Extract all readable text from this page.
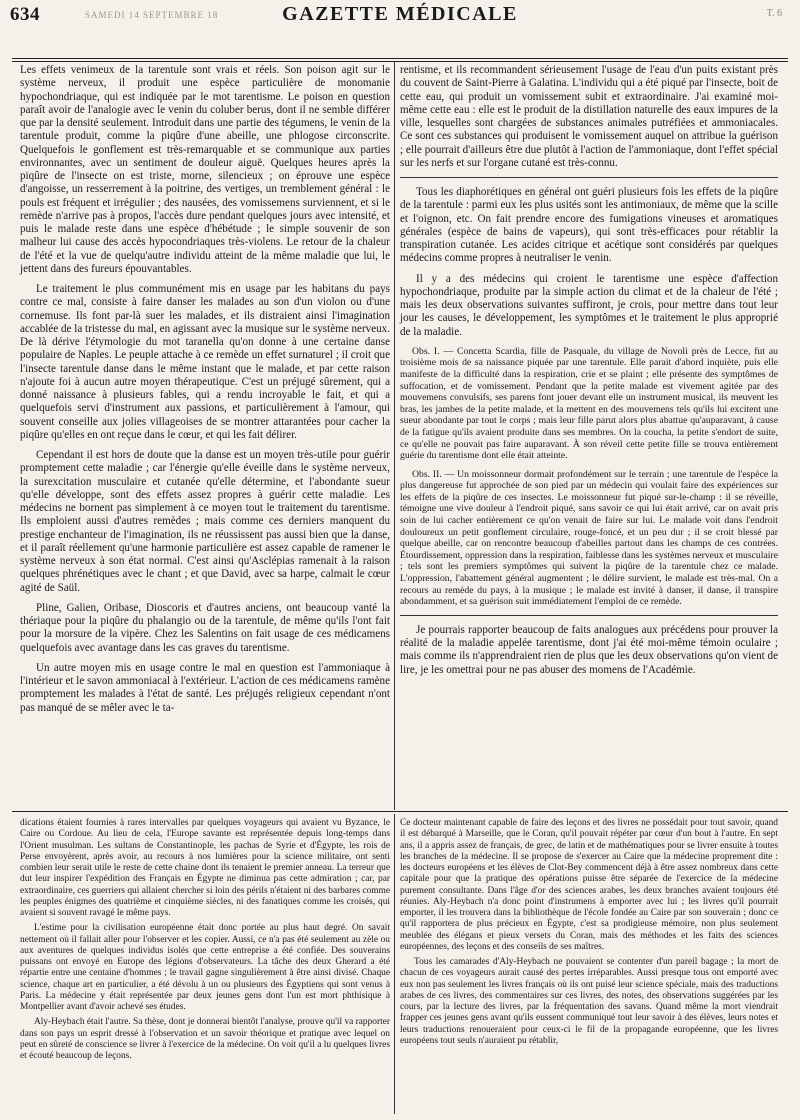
634	SAMEDI 14 SEPTEMBRE 18	GAZETTE MÉDICALE	T. 6

Les effets venimeux de la tarentule sont vrais et réels. Son poison agit sur le système nerveux, il produit une espèce particulière de monomanie hypochondriaque, qui est indiquée par le mot tarentisme. Le poison en question paraît avoir de l'analogie avec le venin du coluber berus, dont il ne semble différer que par la densité seulement. Introduit dans une partie des tégumens, le venin de la tarentule produit, comme la piqûre d'une abeille, une phlogose circonscrite. Quelquefois le gonflement est très-remarquable et se communique aux parties environnantes, avec un sentiment de douleur aiguë. Quelques heures après la piqûre de l'insecte on est triste, morne, silencieux ; on éprouve une espèce d'angoisse, un resserrement à la poitrine, des vertiges, un tremblement général : le pouls est fréquent et irrégulier ; des nausées, des vomissemens surviennent, et si le remède n'arrive pas à propos, l'accès dure pendant quelques jours avec intensité, et puis le malade reste dans une espèce d'hébétude ; le simple souvenir de son malheur lui cause des accès hypocondriaques très-violens. Le retour de la chaleur de l'été et la vue de quelqu'autre individu atteint de la même maladie que lui, le jettent dans des fureurs épouvantables.

Le traitement le plus communément mis en usage par les habitans du pays contre ce mal, consiste à faire danser les malades au son d'un violon ou d'une cornemuse. Ils font par-là suer les malades, et ils distraient ainsi l'imagination accablée de la tristesse du mal, en agissant avec la musique sur le système nerveux. De là dérive l'étymologie du mot taranella qu'on donne à une certaine danse populaire de Naples. Le peuple attache à ce remède un effet surnaturel ; il croit que l'insecte tarentule danse dans le même instant que le malade, et par cette raison n'ajoute foi à aucun autre moyen thérapeutique. C'est un préjugé sûrement, qui a donné naissance à plusieurs fables, qui a rendu incroyable le fait, et qui a quelquefois servi d'instrument aux passions, et particulièrement à l'amour, qui souvent conseille aux jolies villageoises de se montrer attarantées pour cacher la piqûre qu'elles en ont reçue dans le cœur, et qui les fait délirer.

Cependant il est hors de doute que la danse est un moyen très-utile pour guérir promptement cette maladie ; car l'énergie qu'elle éveille dans le système nerveux, la surexcitation musculaire et cutanée qu'elle détermine, et l'abondante sueur qu'elle développe, sont des effets assez propres à guérir cette maladie. Les médecins ne bornent pas simplement à ce moyen tout le traitement du tarentisme. Ils emploient aussi d'autres remèdes ; mais comme ces derniers manquent du prestige enchanteur de l'imagination, ils ne réussissent pas aussi bien que la danse, et il paraît réellement qu'une harmonie particulière est assez capable de ramener le système nerveux à son état normal. C'est ainsi qu'Asclépias ramenait à la raison quelques phrénétiques avec le chant ; et que David, avec sa harpe, calmait le cœur agité de Saül.

Pline, Galien, Oribase, Dioscoris et d'autres anciens, ont beaucoup vanté la thériaque pour la piqûre du phalangio ou de la tarentule, de même qu'ils l'ont fait pour la morsure de la vipère. Chez les Salentins on fait usage de ces médicamens quelquefois avec avantage dans les cas graves du tarentisme.

Un autre moyen mis en usage contre le mal en question est l'ammoniaque à l'intérieur et le savon ammoniacal à l'extérieur. L'action de ces médicamens ramène promptement les malades à l'état de santé. Les préjugés religieux cependant n'ont pas manqué de se mêler avec le ta-

rentisme, et ils recommandent sérieusement l'usage de l'eau d'un puits existant près du couvent de Saint-Pierre à Galatina. L'individu qui a été piqué par l'insecte, boit de cette eau, qui produit un vomissement subit et extraordinaire. J'ai examiné moi-même cette eau : elle est le produit de la distillation naturelle des eaux impures de la ville, lesquelles sont chargées de substances animales putréfiées et ammoniacales. Ce sont ces substances qui produisent le vomissement auquel on attribue la guérison ; elle pourrait d'ailleurs être due plutôt à l'action de l'ammoniaque, dont l'effet spécial sur les nerfs et sur l'organe cutané est très-connu.

Tous les diaphorétiques en général ont guéri plusieurs fois les effets de la piqûre de la tarentule : parmi eux les plus usités sont les antimoniaux, de même que la scille et l'oignon, etc. On fait prendre encore des fumigations vineuses et aromatiques générales (espèce de bains de vapeurs), qui sont très-efficaces pour rétablir la transpiration cutanée. Les acides citrique et acétique sont considérés par quelques médecins comme propres à neutraliser le venin.

Il y a des médecins qui croient le tarentisme une espèce d'affection hypochondriaque, produite par la simple action du climat et de la chaleur de l'été ; mais les deux observations suivantes suffiront, je crois, pour mettre dans tout leur jour les causes, le développement, les symptômes et le traitement le plus approprié de la maladie.

Obs. I. — Concetta Scardia, fille de Pasquale, du village de Novoli près de Lecce, fut au troisième mois de sa naissance piquée par une tarentule. Elle parait d'abord inquiète, puis elle manifeste de la difficulté dans la respiration, crie et se plaint ; elle présente des symptômes de suffocation, et de vomissement. Pendant que la petite malade est vivement agitée par des mouvemens convulsifs, ses parens font jouer devant elle un instrument musical, ils meuvent les bras, les jambes de la petite malade, et la mettent en des mouvemens tels qu'ils lui excitent une sueur abondante par tout le corps ; mais leur fille parut alors plus abattue qu'auparavant, à cause de la fatigue qu'ils avaient produite dans ses membres. On la coucha, la petite s'endort de suite, ce qu'elle ne pouvait pas faire auparavant. À son réveil cette petite fille se trouva entièrement guérie du tarentisme dont elle était atteinte.

Obs. II. — Un moissonneur dormait profondément sur le terrain ; une tarentule de l'espèce la plus dangereuse fut approchée de son pied par un médecin qui voulait faire des expériences sur les effets de la piqûre de ces insectes. Le moissonneur fut piqué sur-le-champ : il se réveille, témoigne une vive douleur à l'endroit piqué, sans savoir ce qui lui était arrivé, car on avait pris soin de lui cacher entièrement ce qu'on venait de faire sur lui. Le malade voit dans l'endroit douloureux un petit gonflement circulaire, rouge-foncé, et un peu dur ; il se croit blessé par quelque abeille, car on rencontre beaucoup d'abeilles partout dans les champs de ces contrées. Étourdissement, oppression dans la respiration, faiblesse dans les systèmes nerveux et musculaire ; tels sont les premiers symptômes qui suivent la piqûre de la tarentule chez ce malade. L'oppression, l'abattement général augmentent ; le délire survient, le malade est très-mal. On a recours au remède du pays, à la musique ; le malade est invité à danser, il danse, il transpire abondamment, et sa guérison suit immédiatement l'emploi de ce remède.

Je pourrais rapporter beaucoup de faits analogues aux précédens pour prouver la réalité de la maladie appelée tarentisme, dont j'ai été moi-même témoin oculaire ; mais comme ils n'apprendraient rien de plus que les deux observations qu'on vient de lire, je les omettrai pour ne pas abuser des momens de l'Académie.

dications étaient fournies à rares intervalles par quelques voyageurs qui avaient vu Byzance, le Caire ou Cordoue. Au lieu de cela, l'Europe savante est représentée depuis long-temps dans l'Orient musulman. Les sultans de Constantinople, les pachas de Syrie et d'Égypte, les rois de Perse envoyèrent, après avoir, au recours à nos lumières pour la science militaire, ont senti combien leur serait utile le reste de cette chaine dont ils tenaient le premier anneau. La terreur que dut leur inspirer l'expédition des Français en Égypte ne diminua pas cette admiration ; car, par extraordinaire, ces guerriers qui allaient chercher si loin des périls n'étaient ni des barbares comme les peuples énigmes des quatrième et cinquième siècles, ni des fanatiques comme les croisés, qui avaient si souvent ravagé le même pays.

L'estime pour la civilisation européenne était donc portée au plus haut degré. On savait nettement où il fallait aller pour l'observer et les copier. Aussi, ce n'a pas été seulement au zèle ou aux aventures de quelques individus isolés que cette entreprise a été confiée. Des souverains puissans ont envoyé en Europe des légions d'observateurs. La tâche des deux Gherard a été répartie entre une centaine d'hommes ; le travail gagne singulièrement à être ainsi divisé. Chaque science, chaque art en particulier, a été dévolu à un ou plusieurs des Égyptiens qui sont venus à Paris. La médecine y était représentée par deux jeunes gens dont l'un est mort phthisique à Montpellier avant d'avoir achevé ses études.

Aly-Heybach était l'autre. Sa thèse, dont je donnerai bientôt l'analyse, prouve qu'il va rapporter dans son pays un esprit dressé à l'observation et un savoir théorique et pratique avec lequel on peut en sûreté de conscience se livrer à l'exercice de la médecine. On voit qu'il a lu quelques livres et écouté beaucoup de leçons.

Ce docteur maintenant capable de faire des leçons et des livres ne possédait pour tout savoir, quand il est débarqué à Marseille, que le Coran, qu'il pouvait répéter par cœur d'un bout à l'autre. En sept ans, il a appris assez de français, de grec, de latin et de mathématiques pour se livrer ensuite à toutes les branches de la médecine. Il se propose de s'exercer au Caire que la médecine proprement dite : les docteurs européens et les élèves de Clot-Bey commencent déjà à être assez nombreux dans cette capitale pour que la pratique des opérations puisse être séparée de l'exercice de la médecine purement consultante. Dans l'âge d'or des sciences arabes, les deux branches avaient toujours été réunies. Aly-Heybach n'a donc point d'instrumens à emporter avec lui ; les livres qu'il pourrait emporter, il les trouvera dans la bibliothèque de l'école fondée au Caire par son souverain ; donc ce qu'il rapportera de plus précieux en Égypte, c'est sa prodigieuse mémoire, non plus seulement meublée des élégans et pieux versets du Coran, mais des méthodes et les faits des sciences européennes, des leçons et des conseils de ses maîtres.

Tous les camarades d'Aly-Heybach ne pouvaient se contenter d'un pareil bagage ; la mort de chacun de ces voyageurs aurait causé des pertes irréparables. Aussi presque tous ont emporté avec eux non pas seulement les livres français où ils ont puisé leur science spéciale, mais des traductions arabes de ces livres, des commentaires sur ces livres, des notes, des observations suggérées par les cours, par la lecture des livres, par la fréquentation des savans. Quand même la mort viendrait frapper ces jeunes gens avant qu'ils eussent communiqué tout leur savoir à des élèves, leurs notes et leurs traductions renoueraient pour ceux-ci le fil de la propagande européenne, que les livres européens tout seuls n'auraient pu rétablir,
